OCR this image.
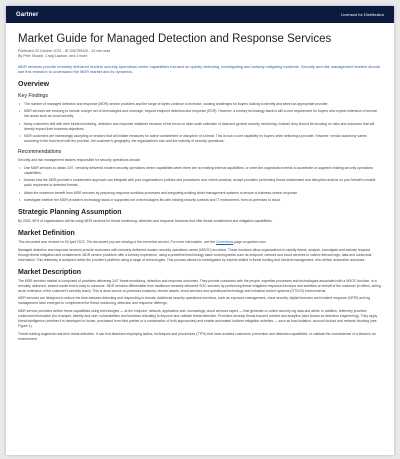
Gartner	Licensed for Distribution
Market Guide for Managed Detection and Response Services
Published 20 October 2021 - ID G00759420 - 24 min read
By Pete Shoard, Craig Lawson, and 4 more
MDR services provide remotely delivered modern security operations center capabilities focused on quickly detecting, investigating and actively mitigating incidents. Security and risk management leaders should use this research to understand the MDR market and its dynamics.
Overview
Key Findings
• The number of managed detection and response (MDR) service providers and the range of styles continue to increase, causing challenges for buyers looking to identify and select an appropriate provider.
• MDR services are evolving to include a larger set of technologies and coverage, beyond endpoint detection and response (EDR). However, a turnkey technology stack is still a core requirement for buyers who expect extension of service into areas such as cloud security.
• Many customers feel with their threat monitoring, detection and response initiatives because of the focus on wide-scale collection of data and generic security monitoring. Instead, they should be focusing on risks and outcomes that will directly impact their business objectives.
• MDR customers are increasingly accepting of vendors that will initiate measures for active containment or disruption of a threat. This is now a core capability for buyers when selecting a provider. However, vendor autonomy varies according to the trust level with the provider, the customer's geography, the organization's size and the maturity of security operations.
Recommendations

Security and risk management leaders responsible for security operations should:

• Use MDR services to obtain 24/7, remotely delivered modern security operations center capabilities when there are no existing internal capabilities, or when the organization needs to accelerate or augment existing security operations capabilities.
• Assess how the MDR provider's containment approach can integrate with your organization's policies and procedures and, where practical, accept providers performing threat containment and disruption actions on your behalf to enable quick responses to detected threats.
• Attain the maximum benefit from MDR services by preparing response workflow processes and integrating existing ticket management systems to ensure a business-centric response.
• Investigate whether the MDR provider's technology stack or supported set of technologies fits with existing security controls and IT environment, from on-premises to cloud.
Strategic Planning Assumption

By 2025, 50% of organizations will be using MDR services for threat monitoring, detection and response functions that offer threat containment and mitigation capabilities.

Market Definition

This document was revised on 06 April 2022. The document you are viewing is the corrected version. For more information, see the Corrections page on gartner.com.

Managed detection and response services provide customers with remotely delivered modern security operations center (MSOC) functions. These functions allow organizations to rapidly detect, analyze, investigate and actively respond through threat mitigation and containment. MDR service providers offer a turnkey experience, using a predefined technology stack covering areas such as endpoint, network and cloud services to collect relevant logs, data and contextual information. This telemetry is analyzed within the provider's platform using a range of technologies. This process allows for investigation by experts skilled in threat hunting and incident management, who deliver actionable outcomes.

Market Description

The MDR services market is composed of providers delivering 24/7 threat monitoring, detection and response outcomes. They provide customers with the people, expertise processes and technologies associated with a MSOC function, in a remotely delivered, shared model that is easy to consume. MDR services differentiate from traditional remotely delivered SOC services by performing threat mitigation response functions and activities on behalf of the customer (in effect, acting as an extension of the customer's security team). This is done across on-premises locations, remote assets, cloud services and operational technology and industrial control systems (OT/ICS) environments.

MDR services are designed to reduce the time between detecting and responding to threats. Additional security operations functions, such as exposure management, cloud security, digital forensics and incident response (DFIR) and log management have emerged to complement the threat monitoring, detection and response offerings.

MDR service providers deliver these capabilities using technologies — at the endpoint, network, application and, increasingly, cloud services layers — that generate or collect security log data and alerts. In addition, telemetry provides contextual information (for example, identity and user, vulnerabilities and business criticality) to improve and validate threat detection. Providers develop threat-focused content and analytics (also known as detection engineering). They apply threat intelligence (whether it is developed in-house, purchased from third parties or a combination of both approaches) and enable automated incident mitigation activities — such as host isolation, account lockout and network blocking (see Figure 1).

Threat hunting augments real-time threat detection. It can find attackers employing tactics, techniques and procedures (TTPs) that have avoided customers' prevention and detection capabilities, or validate the nonexistence of a threat in an environment.
